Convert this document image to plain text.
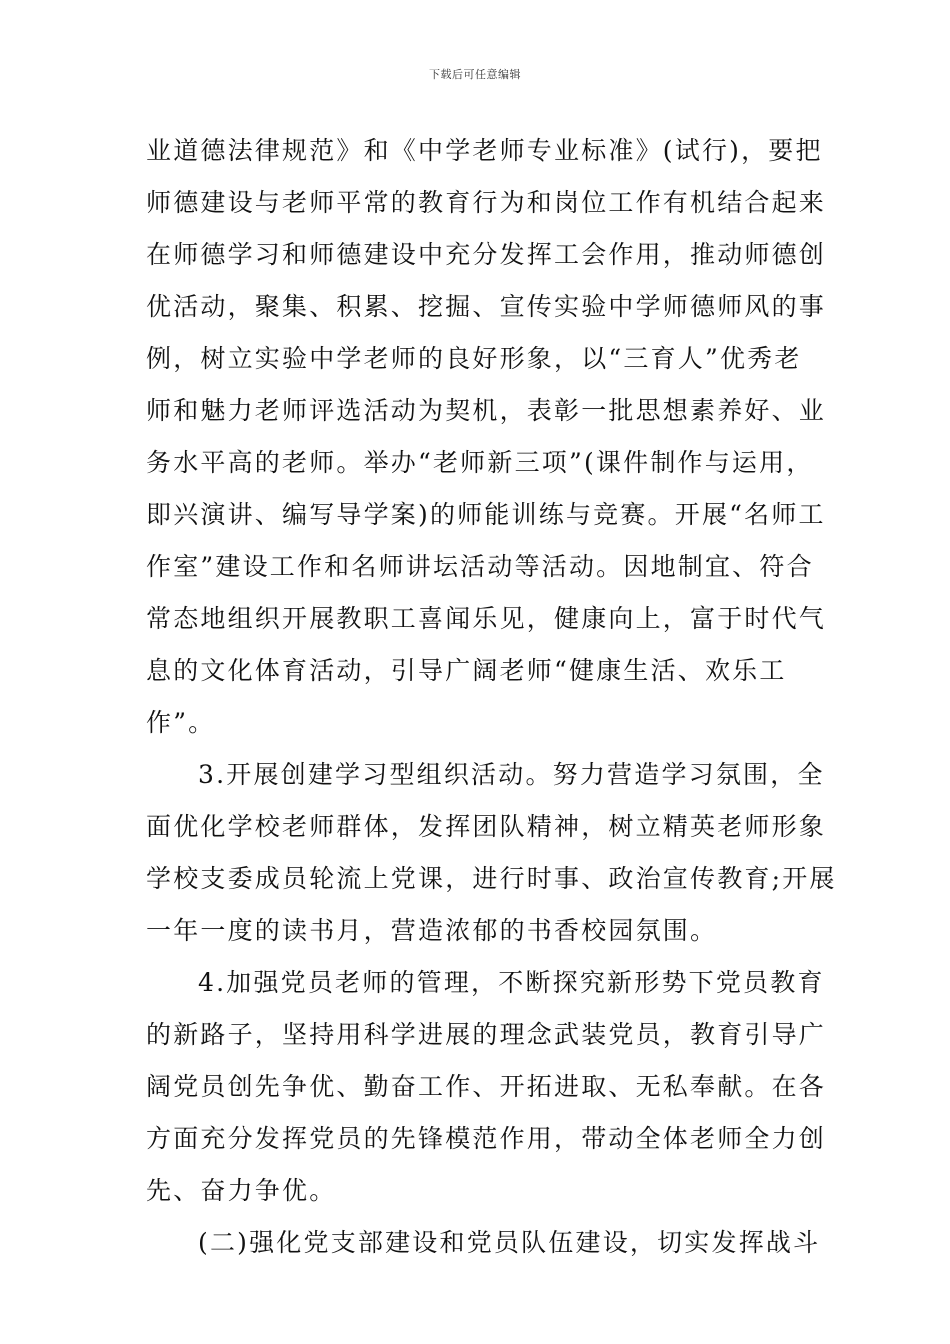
下载后可任意编辑
业道德法律规范》和《中学老师专业标准》(试行)，要把
师德建设与老师平常的教育行为和岗位工作有机结合起来
在师德学习和师德建设中充分发挥工会作用，推动师德创
优活动，聚集、积累、挖掘、宣传实验中学师德师风的事
例，树立实验中学老师的良好形象，以“三育人”优秀老
师和魅力老师评选活动为契机，表彰一批思想素养好、业
务水平高的老师。举办“老师新三项”(课件制作与运用，
即兴演讲、编写导学案)的师能训练与竞赛。开展“名师工
作室”建设工作和名师讲坛活动等活动。因地制宜、符合
常态地组织开展教职工喜闻乐见，健康向上，富于时代气
息的文化体育活动，引导广阔老师“健康生活、欢乐工
作”。
3.开展创建学习型组织活动。努力营造学习氛围，全
面优化学校老师群体，发挥团队精神，树立精英老师形象
学校支委成员轮流上党课，进行时事、政治宣传教育;开展
一年一度的读书月，营造浓郁的书香校园氛围。
4.加强党员老师的管理，不断探究新形势下党员教育
的新路子，坚持用科学进展的理念武装党员，教育引导广
阔党员创先争优、勤奋工作、开拓进取、无私奉献。在各
方面充分发挥党员的先锋模范作用，带动全体老师全力创
先、奋力争优。
(二)强化党支部建设和党员队伍建设，切实发挥战斗
